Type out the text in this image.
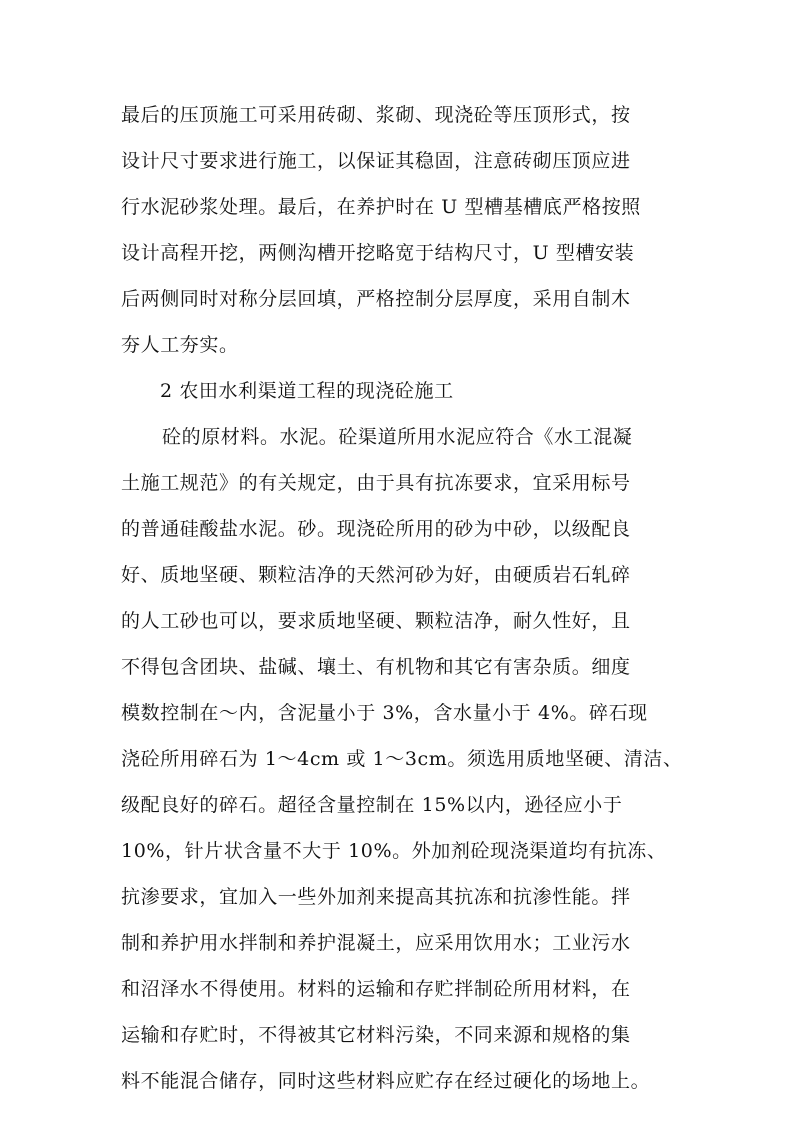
最后的压顶施工可采用砖砌、浆砌、现浇砼等压顶形式，按
设计尺寸要求进行施工，以保证其稳固，注意砖砌压顶应进
行水泥砂浆处理。最后，在养护时在 U 型槽基槽底严格按照
设计高程开挖，两侧沟槽开挖略宽于结构尺寸，U 型槽安装
后两侧同时对称分层回填，严格控制分层厚度，采用自制木
夯人工夯实。
2 农田水利渠道工程的现浇砼施工
砼的原材料。水泥。砼渠道所用水泥应符合《水工混凝
土施工规范》的有关规定，由于具有抗冻要求，宜采用标号
的普通硅酸盐水泥。砂。现浇砼所用的砂为中砂，以级配良
好、质地坚硬、颗粒洁净的天然河砂为好，由硬质岩石轧碎
的人工砂也可以，要求质地坚硬、颗粒洁净，耐久性好，且
不得包含团块、盐碱、壤土、有机物和其它有害杂质。细度
模数控制在～内，含泥量小于 3%，含水量小于 4%。碎石现
浇砼所用碎石为 1～4cm 或 1～3cm。须选用质地坚硬、清洁、
级配良好的碎石。超径含量控制在 15%以内，逊径应小于
10%，针片状含量不大于 10%。外加剂砼现浇渠道均有抗冻、
抗渗要求，宜加入一些外加剂来提高其抗冻和抗渗性能。拌
制和养护用水拌制和养护混凝土，应采用饮用水；工业污水
和沼泽水不得使用。材料的运输和存贮拌制砼所用材料，在
运输和存贮时，不得被其它材料污染，不同来源和规格的集
料不能混合储存，同时这些材料应贮存在经过硬化的场地上。
